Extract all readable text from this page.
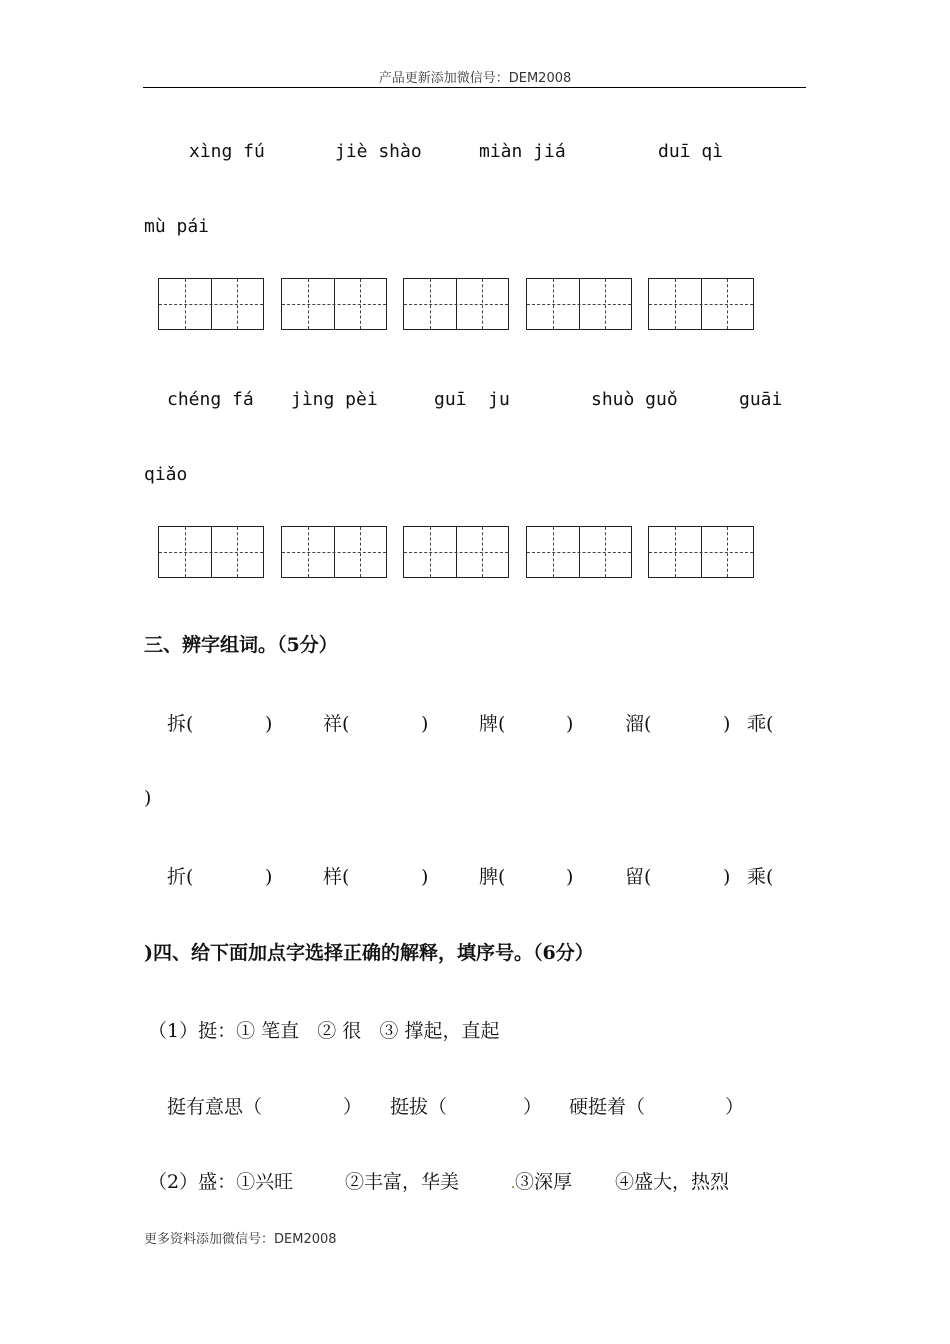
产品更新添加微信号：DEM2008
xìng fú	jiè shào	miàn jiá	duī qì
mù pái
chéng fá jìng pèi	guī  ju	shuò guǒ	guāi
qiǎo
三、辨字组词。（5分）
拆(	)	祥(	)	牌(	)	溜(	) 乖(
)
折(	)	样(	)	脾(	)	留(	) 乘(
)四、给下面加点字选择正确的解释，填序号。（6分）
（1）挺：① 笔直   ② 很   ③ 撑起，直起
挺有意思（	） 挺拔（	） 硬挺着（	）
（2）盛：①兴旺	②丰富，华美	③深厚 ④盛大，热烈
更多资料添加微信号：DEM2008
